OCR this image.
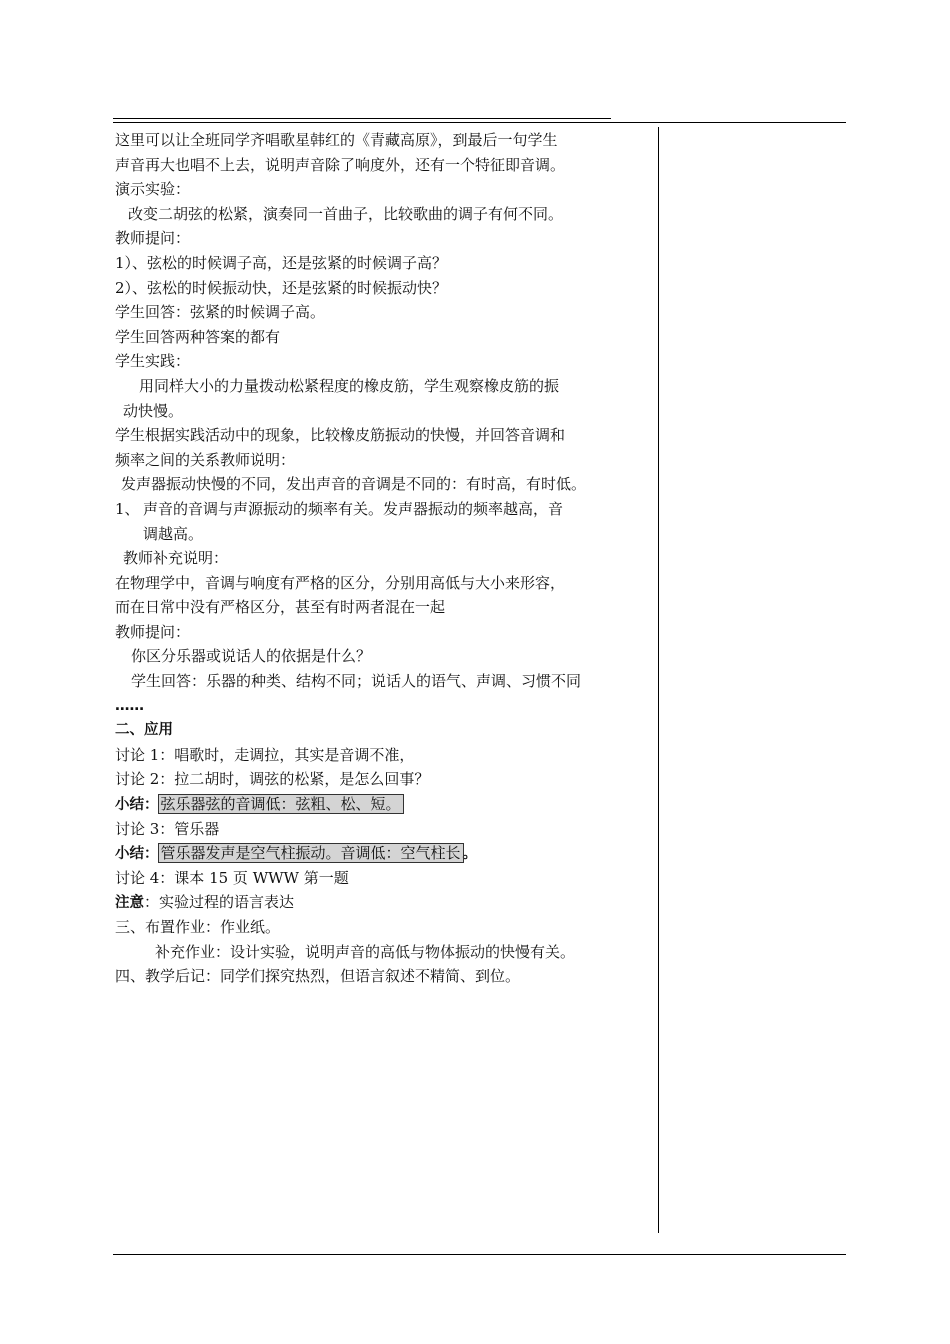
这里可以让全班同学齐唱歌星韩红的《青藏高原》，到最后一句学生
声音再大也唱不上去，说明声音除了响度外，还有一个特征即音调。
演示实验：
改变二胡弦的松紧，演奏同一首曲子，比较歌曲的调子有何不同。
教师提问：
1）、弦松的时候调子高，还是弦紧的时候调子高？
2）、弦松的时候振动快，还是弦紧的时候振动快？
学生回答：弦紧的时候调子高。
学生回答两种答案的都有
学生实践：
用同样大小的力量拨动松紧程度的橡皮筋，学生观察橡皮筋的振
动快慢。
学生根据实践活动中的现象，比较橡皮筋振动的快慢，并回答音调和
频率之间的关系教师说明：
发声器振动快慢的不同，发出声音的音调是不同的：有时高，有时低。
1、 声音的音调与声源振动的频率有关。发声器振动的频率越高，音
调越高。
教师补充说明：
在物理学中，音调与响度有严格的区分，分别用高低与大小来形容，
而在日常中没有严格区分，甚至有时两者混在一起
教师提问：
你区分乐器或说话人的依据是什么？
学生回答：乐器的种类、结构不同；说话人的语气、声调、习惯不同
……
二、应用
讨论 1：唱歌时，走调拉，其实是音调不准，
讨论 2：拉二胡时，调弦的松紧，是怎么回事？
小结： 弦乐器弦的音调低：弦粗、松、短。
讨论 3：管乐器
小结： 管乐器发声是空气柱振动。音调低：空气柱长 。
讨论 4：课本 15 页 WWW 第一题
注意：实验过程的语言表达
三、布置作业：作业纸。
补充作业：设计实验，说明声音的高低与物体振动的快慢有关。
四、教学后记：同学们探究热烈，但语言叙述不精简、到位。
